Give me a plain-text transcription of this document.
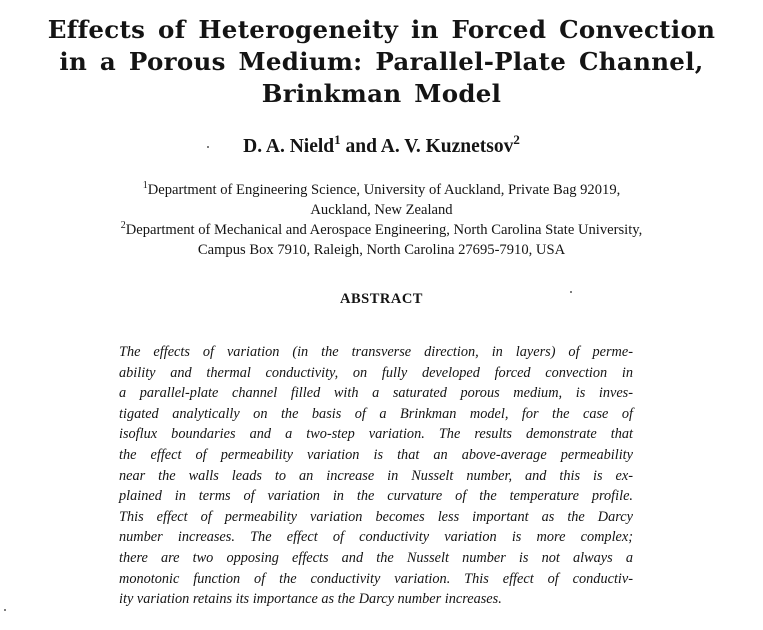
Effects of Heterogeneity in Forced Convection
in a Porous Medium: Parallel-Plate Channel,
Brinkman Model
D. A. Nield$^1$ and A. V. Kuznetsov$^2$
$^1$Department of Engineering Science, University of Auckland, Private Bag 92019,
Auckland, New Zealand
$^2$Department of Mechanical and Aerospace Engineering, North Carolina State University,
Campus Box 7910, Raleigh, North Carolina 27695-7910, USA
ABSTRACT
The effects of variation (in the transverse direction, in layers) of perme-
ability and thermal conductivity, on fully developed forced convection in
a parallel-plate channel filled with a saturated porous medium, is inves-
tigated analytically on the basis of a Brinkman model, for the case of
isoflux boundaries and a two-step variation. The results demonstrate that
the effect of permeability variation is that an above-average permeability
near the walls leads to an increase in Nusselt number, and this is ex-
plained in terms of variation in the curvature of the temperature profile.
This effect of permeability variation becomes less important as the Darcy
number increases. The effect of conductivity variation is more complex;
there are two opposing effects and the Nusselt number is not always a
monotonic function of the conductivity variation. This effect of conductiv-
ity variation retains its importance as the Darcy number increases.
